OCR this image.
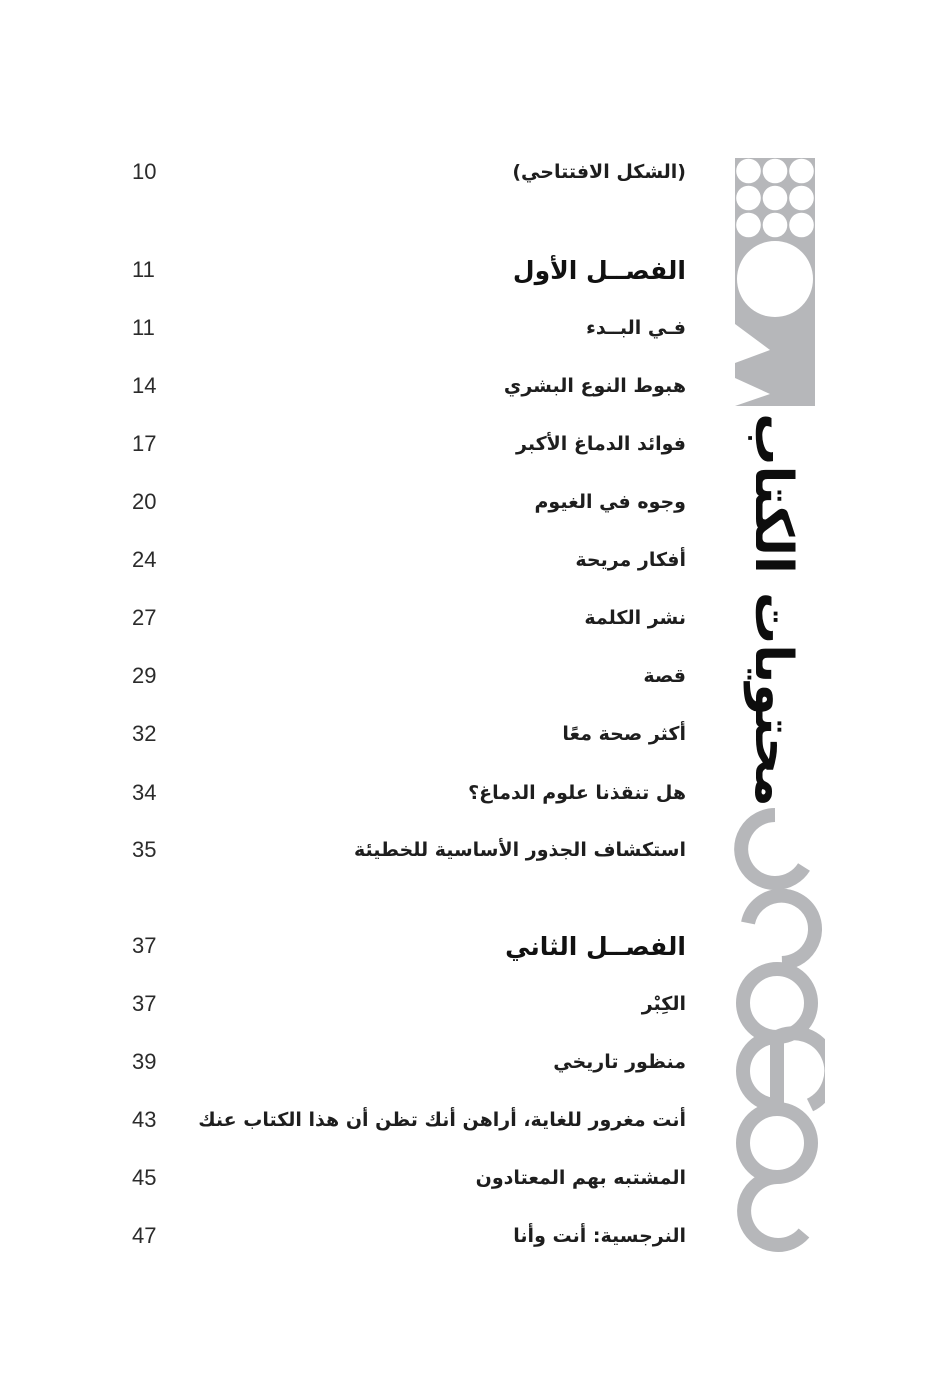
10	(الشكل الافتتاحي)
11	الفصــل الأول
11	فـي البــدء
14	هبوط النوع البشري
17	فوائد الدماغ الأكبر
20	وجوه في الغيوم
24	أفكار مريحة
27	نشر الكلمة
29	قصة
32	أكثر صحة معًا
34	هل تنقذنا علوم الدماغ؟
35	استكشاف الجذور الأساسية للخطيئة
37	الفصــل الثاني
37	الكِبْر
39	منظور تاريخي
43	أنت مغرور للغاية، أراهن أنك تظن أن هذا الكتاب عنك
45	المشتبه بهم المعتادون
47	النرجسية: أنت وأنا
محتويات الكتاب
